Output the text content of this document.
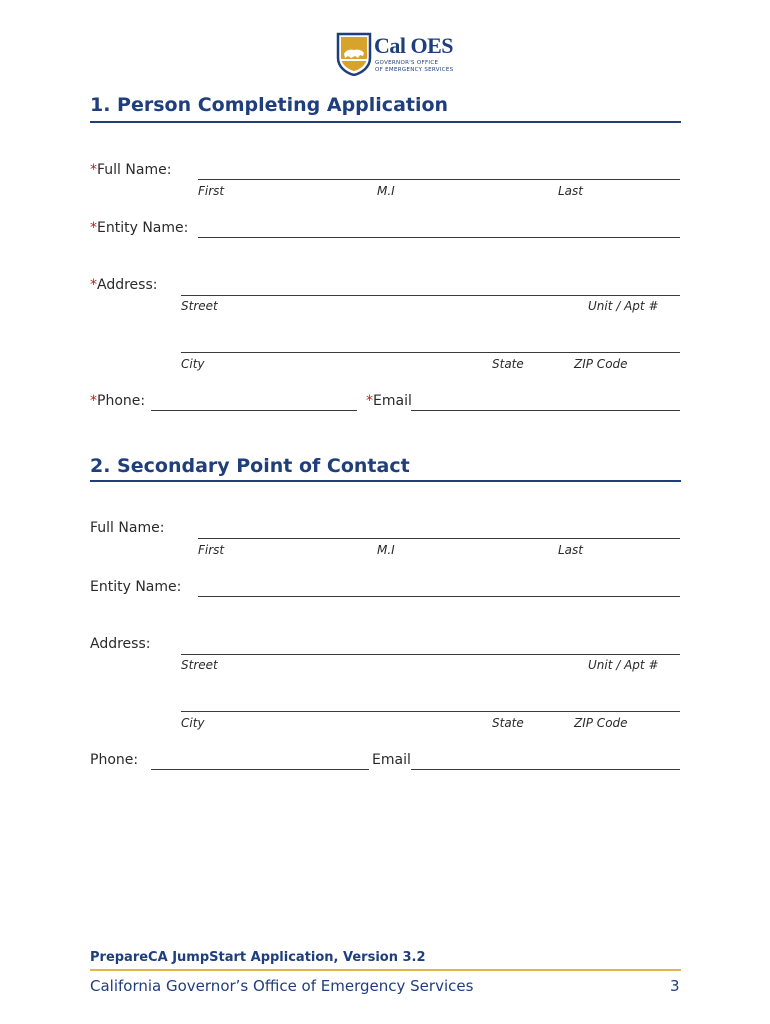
Cal OES
GOVERNOR'S OFFICE
OF EMERGENCY SERVICES
1. Person Completing Application
*Full Name:
First	M.I	Last
*Entity Name:
*Address:
Street	Unit / Apt #
City	State	ZIP Code
*Phone:	*Email
2. Secondary Point of Contact
Full Name:
First	M.I	Last
Entity Name:
Address:
Street	Unit / Apt #
City	State	ZIP Code
Phone:	Email
PrepareCA JumpStart Application, Version 3.2
California Governor’s Office of Emergency Services	3
